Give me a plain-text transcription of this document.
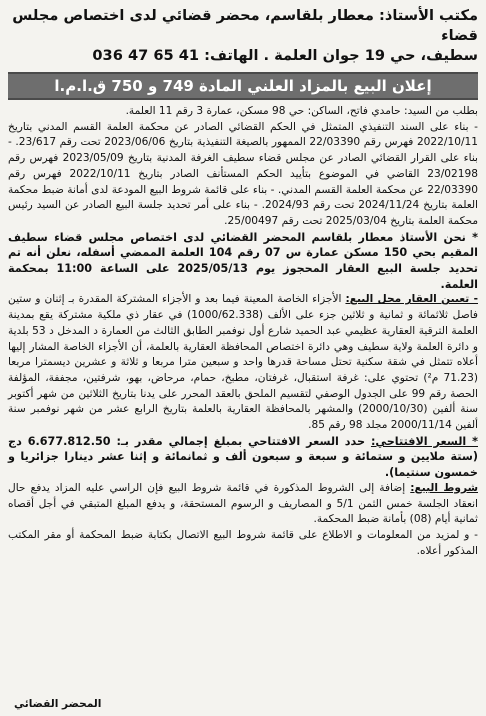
مكتب الأستاذ: معطار بلقاسم، محضر قضائي لدى اختصاص مجلس قضاء
سطيف، حي 19 جوان العلمة . الهاتف: 41 65 47 036
إعلان البيع بالمزاد العلني المادة 749 و 750 ق.ا.م.ا

بطلب من السيد: حامدي فاتح، الساكن: حي 98 مسكن، عمارة 3 رقم 11 العلمة.

- بناء على السند التنفيذي المتمثل في الحكم القضائي الصادر عن محكمة العلمة القسم المدني بتاريخ 2022/10/11 فهرس رقم 22/03390 الممهور بالصيغة التنفيذية بتاريخ 2023/06/06 تحت رقم 23/617. - بناء على القرار القضائي الصادر عن مجلس قضاء سطيف الغرفة المدنية بتاريخ 2023/05/09 فهرس رقم 23/02198 القاضي في الموضوع بتأييد الحكم المستأنف الصادر بتاريخ 2022/10/11 فهرس رقم 22/03390 عن محكمة العلمة القسم المدني. - بناء على قائمة شروط البيع المودعة لدى أمانة ضبط محكمة العلمة بتاريخ 2024/11/24 تحت رقم 2024/93. - بناء على أمر تحديد جلسة البيع الصادر عن السيد رئيس محكمة العلمة بتاريخ 2025/03/04 تحت رقم 25/00497.

* نحن الأستاذ معطار بلقاسم المحضر القضائي لدى اختصاص مجلس قضاء سطيف المقيم بحي 150 مسكن عمارة س 07 رقم 104 العلمة الممضي أسفله، نعلن أنه تم تحديد جلسة البيع العقار المحجوز يوم 2025/05/13 على الساعة 11:00 بمحكمة العلمة.

- تعيين العقار محل البيع: الأجزاء الخاصة المعينة فيما بعد و الأجزاء المشتركة المقدرة بـ إثنان و ستين فاصل ثلاثمائة و ثمانية و ثلاثين جزء على الألف (1000/62.338) في عقار ذي ملكية مشتركة يقع بمدينة العلمة الترقية العقارية عظيمي عبد الحميد شارع أول نوفمبر الطابق الثالث من العمارة د المدخل د 53 بلدية و دائرة العلمة ولاية سطيف وهي دائرة اختصاص المحافظة العقارية بالعلمة، أن الأجزاء الخاصة المشار إليها أعلاه تتمثل في شقة سكنية تحتل مساحة قدرها واحد و سبعين مترا مربعا و ثلاثة و عشرين ديسمترا مربعا (71.23 م²) تحتوي على: غرفة استقبال، غرفتان، مطبخ، حمام، مرحاض، بهو، شرفتين، مجففة، المؤلفة الحصة رقم 99 على الجدول الوصفي لتقسيم الملحق بالعقد المحرر على يدنا بتاريخ الثلاثين من شهر أكتوبر سنة ألفين (2000/10/30) والمشهر بالمحافظة العقارية بالعلمة بتاريخ الرابع عشر من شهر نوفمبر سنة ألفين 2000/11/14 مجلد 98 رقم 85.

* السعر الافتتاحي: حدد السعر الافتتاحي بمبلغ إجمالي مقدر بـ: 6.677.812.50 دج (ستة ملايين و ستمائة و سبعة و سبعون ألف و ثمانمائة و إثنا عشر دينارا جزائريا و خمسون سنتيما).

شروط البيع: إضافة إلى الشروط المذكورة في قائمة شروط البيع فإن الراسي عليه المزاد يدفع حال انعقاد الجلسة خمس الثمن 5/1 و المصاريف و الرسوم المستحقة، و يدفع المبلغ المتبقي في أجل أقصاه ثمانية أيام (08) بأمانة ضبط المحكمة.

- و لمزيد من المعلومات و الاطلاع على قائمة شروط البيع الاتصال بكتابة ضبط المحكمة أو مقر المكتب المذكور أعلاه.

المحضر القضائي
